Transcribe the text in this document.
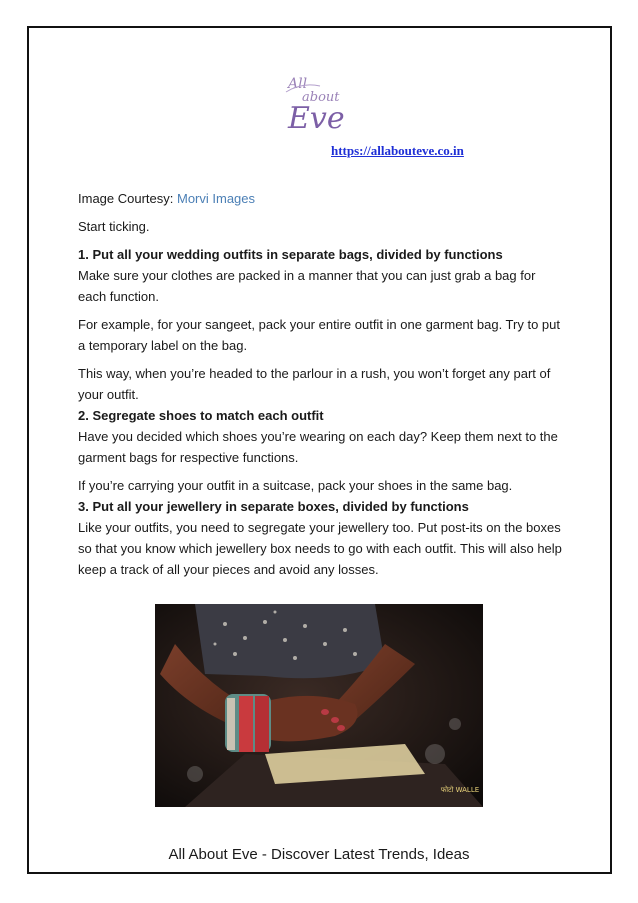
All
about
Eve
https://allabouteve.co.in

Image Courtesy: Morvi Images

Start ticking.

1. Put all your wedding outfits in separate bags, divided by functions

Make sure your clothes are packed in a manner that you can just grab a bag for each function.

For example, for your sangeet, pack your entire outfit in one garment bag. Try to put a temporary label on the bag.

This way, when you’re headed to the parlour in a rush, you won’t forget any part of your outfit.

2. Segregate shoes to match each outfit

Have you decided which shoes you’re wearing on each day? Keep them next to the garment bags for respective functions.

If you’re carrying your outfit in a suitcase, pack your shoes in the same bag.

3. Put all your jewellery in separate boxes, divided by functions

Like your outfits, you need to segregate your jewellery too. Put post-its on the boxes so that you know which jewellery box needs to go with each outfit. This will also help keep a track of all your pieces and avoid any losses.

फोटो WALLE
All About Eve - Discover Latest Trends, Ideas
